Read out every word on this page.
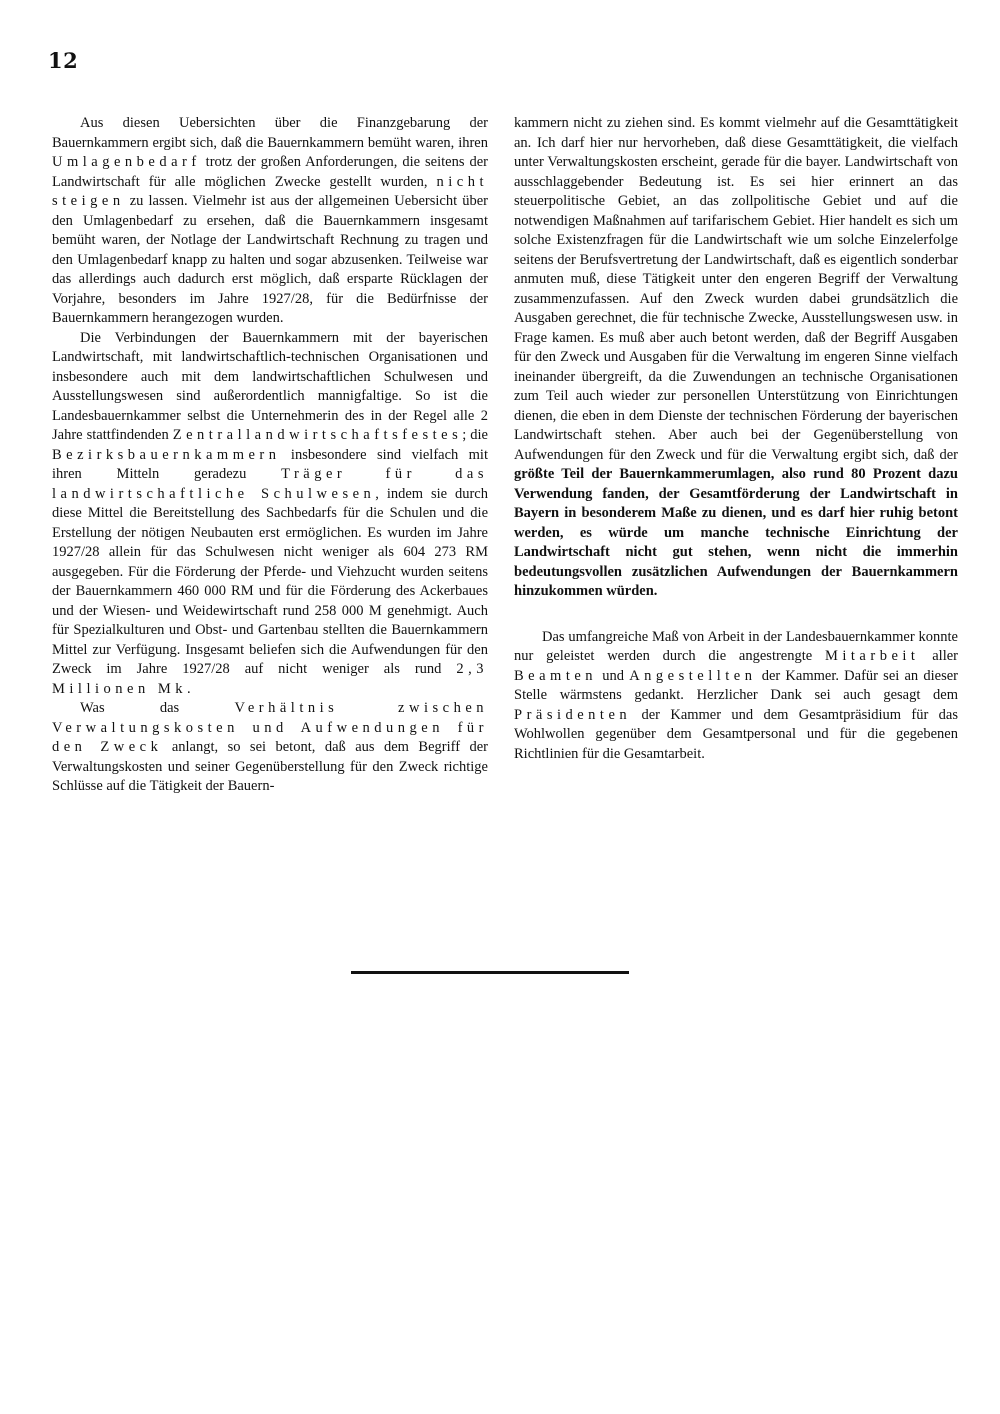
12

Aus diesen Uebersichten über die Finanzgebarung der Bauernkammern ergibt sich, daß die Bauernkammern bemüht waren, ihren Umlagenbedarf trotz der großen Anforderungen, die seitens der Landwirtschaft für alle möglichen Zwecke gestellt wurden, nicht steigen zu lassen. Vielmehr ist aus der allgemeinen Uebersicht über den Umlagenbedarf zu ersehen, daß die Bauernkammern insgesamt bemüht waren, der Notlage der Landwirtschaft Rechnung zu tragen und den Umlagenbedarf knapp zu halten und sogar abzusenken. Teilweise war das allerdings auch dadurch erst möglich, daß ersparte Rücklagen der Vorjahre, besonders im Jahre 1927/28, für die Bedürfnisse der Bauernkammern herangezogen wurden.

Die Verbindungen der Bauernkammern mit der bayerischen Landwirtschaft, mit landwirtschaftlich-technischen Organisationen und insbesondere auch mit dem landwirtschaftlichen Schulwesen und Ausstellungswesen sind außerordentlich mannigfaltige. So ist die Landesbauernkammer selbst die Unternehmerin des in der Regel alle 2 Jahre stattfindenden Zentrallandwirtschaftsfestes; die Bezirksbauernkammern insbesondere sind vielfach mit ihren Mitteln geradezu Träger für das landwirtschaftliche Schulwesen, indem sie durch diese Mittel die Bereitstellung des Sachbedarfs für die Schulen und die Erstellung der nötigen Neubauten erst ermöglichen. Es wurden im Jahre 1927/28 allein für das Schulwesen nicht weniger als 604 273 RM ausgegeben. Für die Förderung der Pferde- und Viehzucht wurden seitens der Bauernkammern 460 000 RM und für die Förderung des Ackerbaues und der Wiesen- und Weidewirtschaft rund 258 000 M genehmigt. Auch für Spezialkulturen und Obst- und Gartenbau stellten die Bauernkammern Mittel zur Verfügung. Insgesamt beliefen sich die Aufwendungen für den Zweck im Jahre 1927/28 auf nicht weniger als rund 2,3 Millionen Mk.

Was das Verhältnis zwischen Verwaltungskosten und Aufwendungen für den Zweck anlangt, so sei betont, daß aus dem Begriff der Verwaltungskosten und seiner Gegenüberstellung für den Zweck richtige Schlüsse auf die Tätigkeit der Bauern-

kammern nicht zu ziehen sind. Es kommt vielmehr auf die Gesamttätigkeit an. Ich darf hier nur hervorheben, daß diese Gesamttätigkeit, die vielfach unter Verwaltungskosten erscheint, gerade für die bayer. Landwirtschaft von ausschlaggebender Bedeutung ist. Es sei hier erinnert an das steuerpolitische Gebiet, an das zollpolitische Gebiet und auf die notwendigen Maßnahmen auf tarifarischem Gebiet. Hier handelt es sich um solche Existenzfragen für die Landwirtschaft wie um solche Einzelerfolge seitens der Berufsvertretung der Landwirtschaft, daß es eigentlich sonderbar anmuten muß, diese Tätigkeit unter den engeren Begriff der Verwaltung zusammenzufassen. Auf den Zweck wurden dabei grundsätzlich die Ausgaben gerechnet, die für technische Zwecke, Ausstellungswesen usw. in Frage kamen. Es muß aber auch betont werden, daß der Begriff Ausgaben für den Zweck und Ausgaben für die Verwaltung im engeren Sinne vielfach ineinander übergreift, da die Zuwendungen an technische Organisationen zum Teil auch wieder zur personellen Unterstützung von Einrichtungen dienen, die eben in dem Dienste der technischen Förderung der bayerischen Landwirtschaft stehen. Aber auch bei der Gegenüberstellung von Aufwendungen für den Zweck und für die Verwaltung ergibt sich, daß der größte Teil der Bauernkammerumlagen, also rund 80 Prozent dazu Verwendung fanden, der Gesamtförderung der Landwirtschaft in Bayern in besonderem Maße zu dienen, und es darf hier ruhig betont werden, es würde um manche technische Einrichtung der Landwirtschaft nicht gut stehen, wenn nicht die immerhin bedeutungsvollen zusätzlichen Aufwendungen der Bauernkammern hinzukommen würden.

Das umfangreiche Maß von Arbeit in der Landesbauernkammer konnte nur geleistet werden durch die angestrengte Mitarbeit aller Beamten und Angestellten der Kammer. Dafür sei an dieser Stelle wärmstens gedankt. Herzlicher Dank sei auch gesagt dem Präsidenten der Kammer und dem Gesamtpräsidium für das Wohlwollen gegenüber dem Gesamtpersonal und für die gegebenen Richtlinien für die Gesamtarbeit.
